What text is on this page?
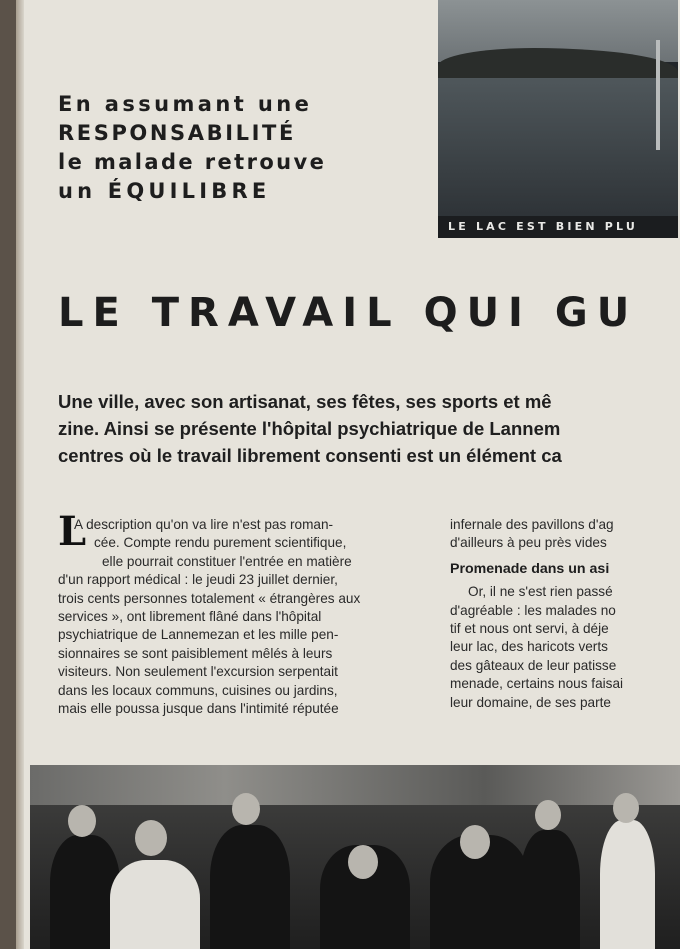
LE LAC EST BIEN PLU
En assumant une
RESPONSABILITÉ
le malade retrouve
un ÉQUILIBRE
LE TRAVAIL QUI GU
Une ville, avec son artisanat, ses fêtes, ses sports et mê
zine. Ainsi se présente l'hôpital psychiatrique de Lannem
centres où le travail librement consenti est un élément ca
L
A description qu'on va lire n'est pas roman-
cée. Compte rendu purement scientifique,
elle pourrait constituer l'entrée en matière
d'un rapport médical : le jeudi 23 juillet dernier,
trois cents personnes totalement « étrangères aux
services », ont librement flâné dans l'hôpital
psychiatrique de Lannemezan et les mille pen-
sionnaires se sont paisiblement mêlés à leurs
visiteurs. Non seulement l'excursion serpentait
dans les locaux communs, cuisines ou jardins,
mais elle poussa jusque dans l'intimité réputée
infernale des pavillons d'ag
d'ailleurs à peu près vides
Promenade dans un asi
Or, il ne s'est rien passé
d'agréable : les malades no
tif et nous ont servi, à déje
leur lac, des haricots verts
des gâteaux de leur patisse
menade, certains nous faisai
leur domaine, de ses parte
